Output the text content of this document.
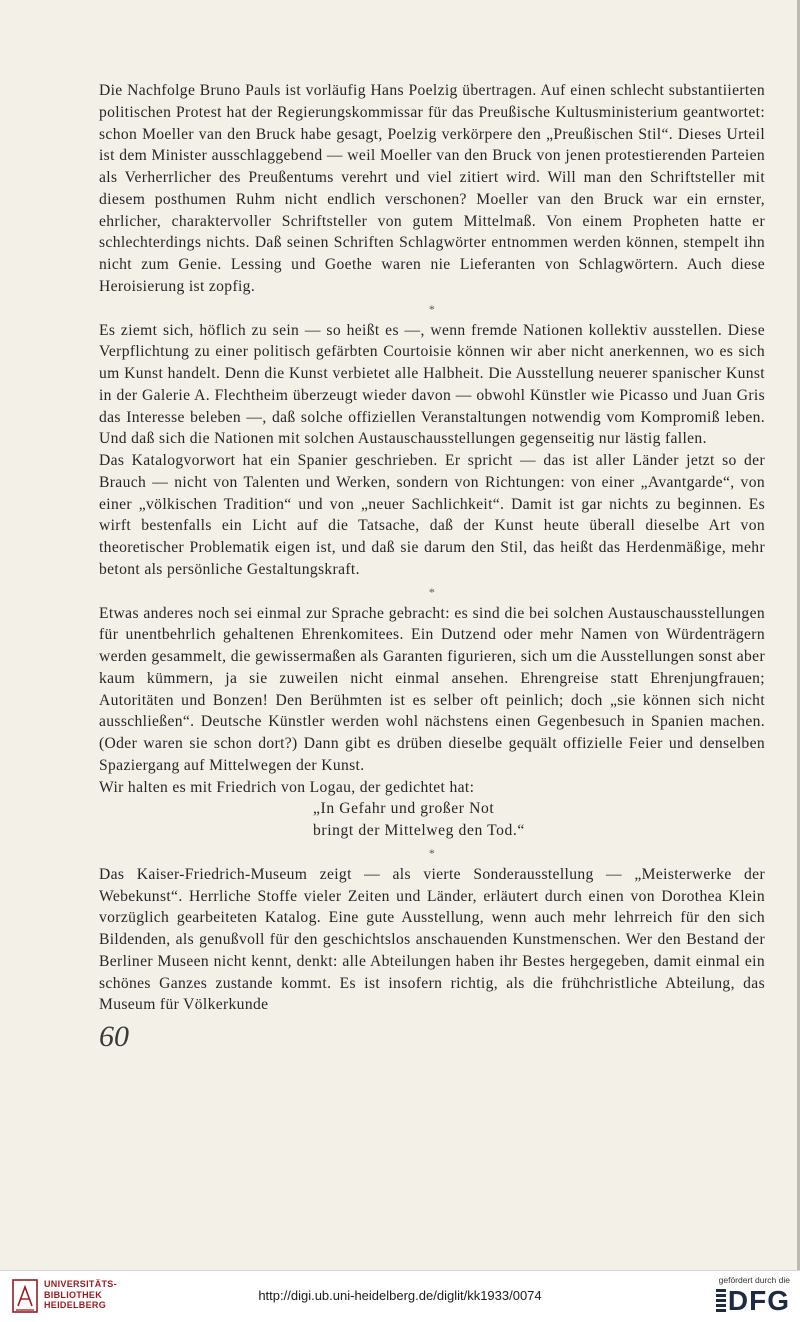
Die Nachfolge Bruno Pauls ist vorläufig Hans Poelzig übertragen. Auf einen schlecht substantiierten politischen Protest hat der Regierungskommissar für das Preußische Kultusministerium geantwortet: schon Moeller van den Bruck habe gesagt, Poelzig verkörpere den „Preußischen Stil“. Dieses Urteil ist dem Minister ausschlaggebend — weil Moeller van den Bruck von jenen protestierenden Parteien als Verherrlicher des Preußentums verehrt und viel zitiert wird. Will man den Schriftsteller mit diesem posthumen Ruhm nicht endlich verschonen? Moeller van den Bruck war ein ernster, ehrlicher, charaktervoller Schriftsteller von gutem Mittelmaß. Von einem Propheten hatte er schlechterdings nichts. Daß seinen Schriften Schlagwörter entnommen werden können, stempelt ihn nicht zum Genie. Lessing und Goethe waren nie Lieferanten von Schlagwörtern. Auch diese Heroisierung ist zopfig.

*

Es ziemt sich, höflich zu sein — so heißt es —, wenn fremde Nationen kollektiv ausstellen. Diese Verpflichtung zu einer politisch gefärbten Courtoisie können wir aber nicht anerkennen, wo es sich um Kunst handelt. Denn die Kunst verbietet alle Halbheit. Die Ausstellung neuerer spanischer Kunst in der Galerie A. Flechtheim überzeugt wieder davon — obwohl Künstler wie Picasso und Juan Gris das Interesse beleben —, daß solche offiziellen Veranstaltungen notwendig vom Kompromiß leben. Und daß sich die Nationen mit solchen Austauschausstellungen gegenseitig nur lästig fallen.

Das Katalogvorwort hat ein Spanier geschrieben. Er spricht — das ist aller Länder jetzt so der Brauch — nicht von Talenten und Werken, sondern von Richtungen: von einer „Avantgarde“, von einer „völkischen Tradition“ und von „neuer Sachlichkeit“. Damit ist gar nichts zu beginnen. Es wirft bestenfalls ein Licht auf die Tatsache, daß der Kunst heute überall dieselbe Art von theoretischer Problematik eigen ist, und daß sie darum den Stil, das heißt das Herdenmäßige, mehr betont als persönliche Gestaltungskraft.

*

Etwas anderes noch sei einmal zur Sprache gebracht: es sind die bei solchen Austauschausstellungen für unentbehrlich gehaltenen Ehrenkomitees. Ein Dutzend oder mehr Namen von Würdenträgern werden gesammelt, die gewissermaßen als Garanten figurieren, sich um die Ausstellungen sonst aber kaum kümmern, ja sie zuweilen nicht einmal ansehen. Ehrengreise statt Ehrenjungfrauen; Autoritäten und Bonzen! Den Berühmten ist es selber oft peinlich; doch „sie können sich nicht ausschließen“. Deutsche Künstler werden wohl nächstens einen Gegenbesuch in Spanien machen. (Oder waren sie schon dort?) Dann gibt es drüben dieselbe gequält offizielle Feier und denselben Spaziergang auf Mittelwegen der Kunst.

Wir halten es mit Friedrich von Logau, der gedichtet hat:

„In Gefahr und großer Not

bringt der Mittelweg den Tod.“

*

Das Kaiser-Friedrich-Museum zeigt — als vierte Sonderausstellung — „Meisterwerke der Webekunst“. Herrliche Stoffe vieler Zeiten und Länder, erläutert durch einen von Dorothea Klein vorzüglich gearbeiteten Katalog. Eine gute Ausstellung, wenn auch mehr lehrreich für den sich Bildenden, als genußvoll für den geschichtslos anschauenden Kunstmenschen. Wer den Bestand der Berliner Museen nicht kennt, denkt: alle Abteilungen haben ihr Bestes hergegeben, damit einmal ein schönes Ganzes zustande kommt. Es ist insofern richtig, als die frühchristliche Abteilung, das Museum für Völkerkunde

60
UNIVERSITÄTS-
BIBLIOTHEK
HEIDELBERG
http://digi.ub.uni-heidelberg.de/diglit/kk1933/0074
gefördert durch die
DFG
